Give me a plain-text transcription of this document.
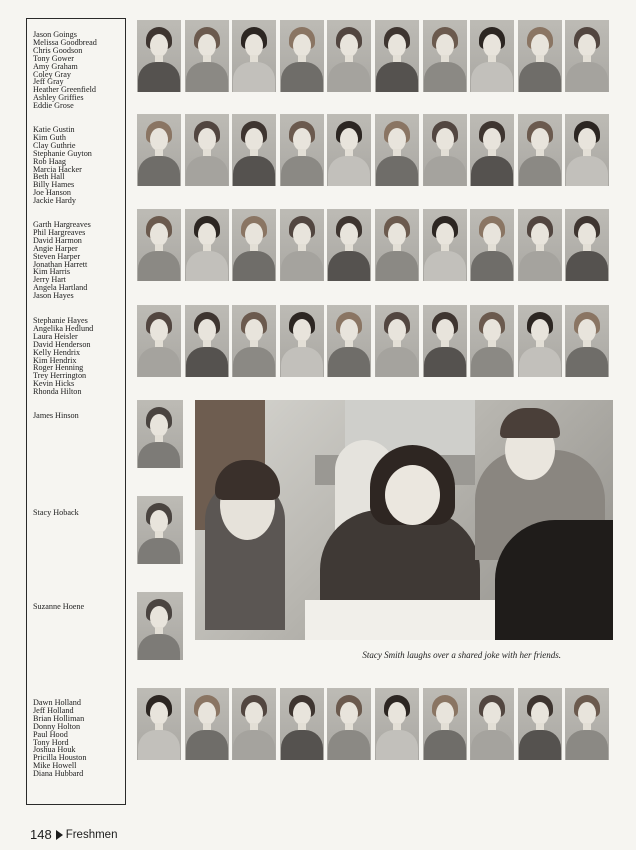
Jason Goings
Melissa Goodbread
Chris Goodson
Tony Gower
Amy Graham
Coley Gray
Jeff Gray
Heather Greenfield
Ashley Griffies
Eddie Grose
Katie Gustin
Kim Guth
Clay Guthrie
Stephanie Guyton
Rob Haag
Marcia Hacker
Beth Hall
Billy Hames
Joe Hanson
Jackie Hardy
Garth Hargreaves
Phil Hargreaves
David Harmon
Angie Harper
Steven Harper
Jonathan Harrett
Kim Harris
Jerry Hart
Angela Hartland
Jason Hayes
Stephanie Hayes
Angelika Hedlund
Laura Heisler
David Henderson
Kelly Hendrix
Kim Hendrix
Roger Henning
Trey Herrington
Kevin Hicks
Rhonda Hilton
James Hinson
Stacy Hoback
Suzanne Hoene
Dawn Holland
Jeff Holland
Brian Holliman
Donny Holton
Paul Hood
Tony Hord
Joshua Houk
Pricilla Houston
Mike Howell
Diana Hubbard
Stacy Smith laughs over a shared joke with her friends.
148 Freshmen
